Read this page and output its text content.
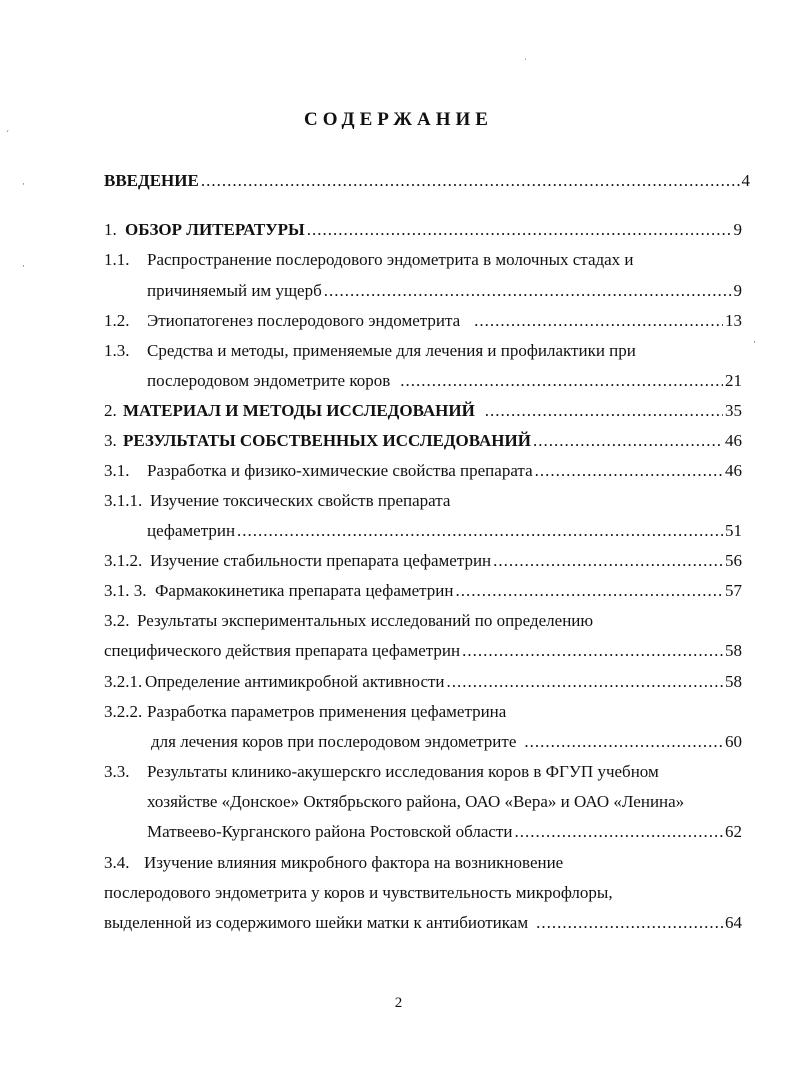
ˈ
ˊ
·
·
·
СОДЕРЖАНИЕ
ВВЕДЕНИЕ .....	4
1. ОБЗОР ЛИТЕРАТУРЫ .....	9
1.1.	Распространение послеродового эндометрита в молочных стадах и
причиняемый им ущерб .....	9
1.2.	Этиопатогенез послеродового эндометрита .....	13
1.3.	Средства и методы, применяемые для лечения и профилактики при
послеродовом эндометрите коров .....	21
2. МАТЕРИАЛ И МЕТОДЫ ИССЛЕДОВАНИЙ .....	35
3. РЕЗУЛЬТАТЫ СОБСТВЕННЫХ ИССЛЕДОВАНИЙ .....	46
3.1.	Разработка и физико-химические свойства препарата .....	46
3.1.1. Изучение токсических свойств препарата
цефаметрин .....	51
3.1.2. Изучение стабильности препарата цефаметрин .....	56
3.1. 3. Фармакокинетика препарата цефаметрин .....	57
3.2. Результаты экспериментальных исследований по определению
специфического действия препарата цефаметрин .....	58
3.2.1. Определение антимикробной активности .....	58
3.2.2. Разработка параметров применения цефаметрина
для лечения коров при послеродовом эндометрите .....	60
3.3.	Результаты клинико-акушерскго исследования коров в ФГУП учебном
хозяйстве «Донское» Октябрьского района, ОАО «Вера» и ОАО «Ленина»
Матвеево-Курганского района Ростовской области .....	62
3.4. Изучение влияния микробного фактора на возникновение
послеродового эндометрита у коров и чувствительность микрофлоры,
выделенной из содержимого шейки матки к антибиотикам .....	64
2
